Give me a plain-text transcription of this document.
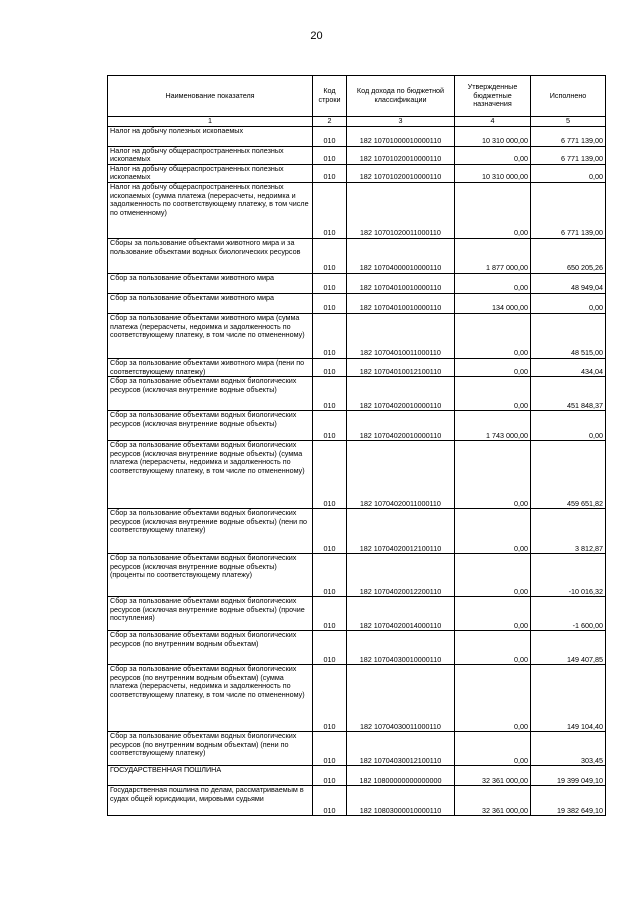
20
Наименование показателя	Код строки	Код дохода по бюджетной классификации	Утвержденные бюджетные назначения	Исполнено
1	2	3	4	5
Налог на добычу полезных ископаемых	010	182 10701000010000110	10 310 000,00	6 771 139,00
Налог на добычу общераспространенных полезных ископаемых	010	182 10701020010000110	0,00	6 771 139,00
Налог на добычу общераспространенных полезных ископаемых	010	182 10701020010000110	10 310 000,00	0,00
Налог на добычу общераспространенных полезных ископаемых (сумма платежа (перерасчеты, недоимка и задолженность по соответствующему платежу, в том числе по отмененному)	010	182 10701020011000110	0,00	6 771 139,00
Сборы за пользование объектами животного мира и за пользование объектами водных биологических ресурсов	010	182 10704000010000110	1 877 000,00	650 205,26
Сбор за пользование объектами животного мира	010	182 10704010010000110	0,00	48 949,04
Сбор за пользование объектами животного мира	010	182 10704010010000110	134 000,00	0,00
Сбор за пользование объектами животного мира (сумма платежа (перерасчеты, недоимка и задолженность по соответствующему платежу, в том числе по отмененному)	010	182 10704010011000110	0,00	48 515,00
Сбор за пользование объектами животного мира (пени по соответствующему платежу)	010	182 10704010012100110	0,00	434,04
Сбор за пользование объектами водных биологических ресурсов (исключая внутренние водные объекты)	010	182 10704020010000110	0,00	451 848,37
Сбор за пользование объектами водных биологических ресурсов (исключая внутренние водные объекты)	010	182 10704020010000110	1 743 000,00	0,00
Сбор за пользование объектами водных биологических ресурсов (исключая внутренние водные объекты) (сумма платежа (перерасчеты, недоимка и задолженность по соответствующему платежу, в том числе по отмененному)	010	182 10704020011000110	0,00	459 651,82
Сбор за пользование объектами водных биологических ресурсов (исключая внутренние водные объекты) (пени по соответствующему платежу)	010	182 10704020012100110	0,00	3 812,87
Сбор за пользование объектами водных биологических ресурсов (исключая внутренние водные объекты) (проценты по соответствующему платежу)	010	182 10704020012200110	0,00	-10 016,32
Сбор за пользование объектами водных биологических ресурсов (исключая внутренние водные объекты) (прочие поступления)	010	182 10704020014000110	0,00	-1 600,00
Сбор за пользование объектами водных биологических ресурсов (по внутренним водным объектам)	010	182 10704030010000110	0,00	149 407,85
Сбор за пользование объектами водных биологических ресурсов (по внутренним водным объектам) (сумма платежа (перерасчеты, недоимка и задолженность по соответствующему платежу, в том числе по отмененному)	010	182 10704030011000110	0,00	149 104,40
Сбор за пользование объектами водных биологических ресурсов (по внутренним водным объектам) (пени по соответствующему платежу)	010	182 10704030012100110	0,00	303,45
ГОСУДАРСТВЕННАЯ ПОШЛИНА	010	182 10800000000000000	32 361 000,00	19 399 049,10
Государственная пошлина по делам, рассматриваемым в судах общей юрисдикции, мировыми судьями	010	182 10803000010000110	32 361 000,00	19 382 649,10
